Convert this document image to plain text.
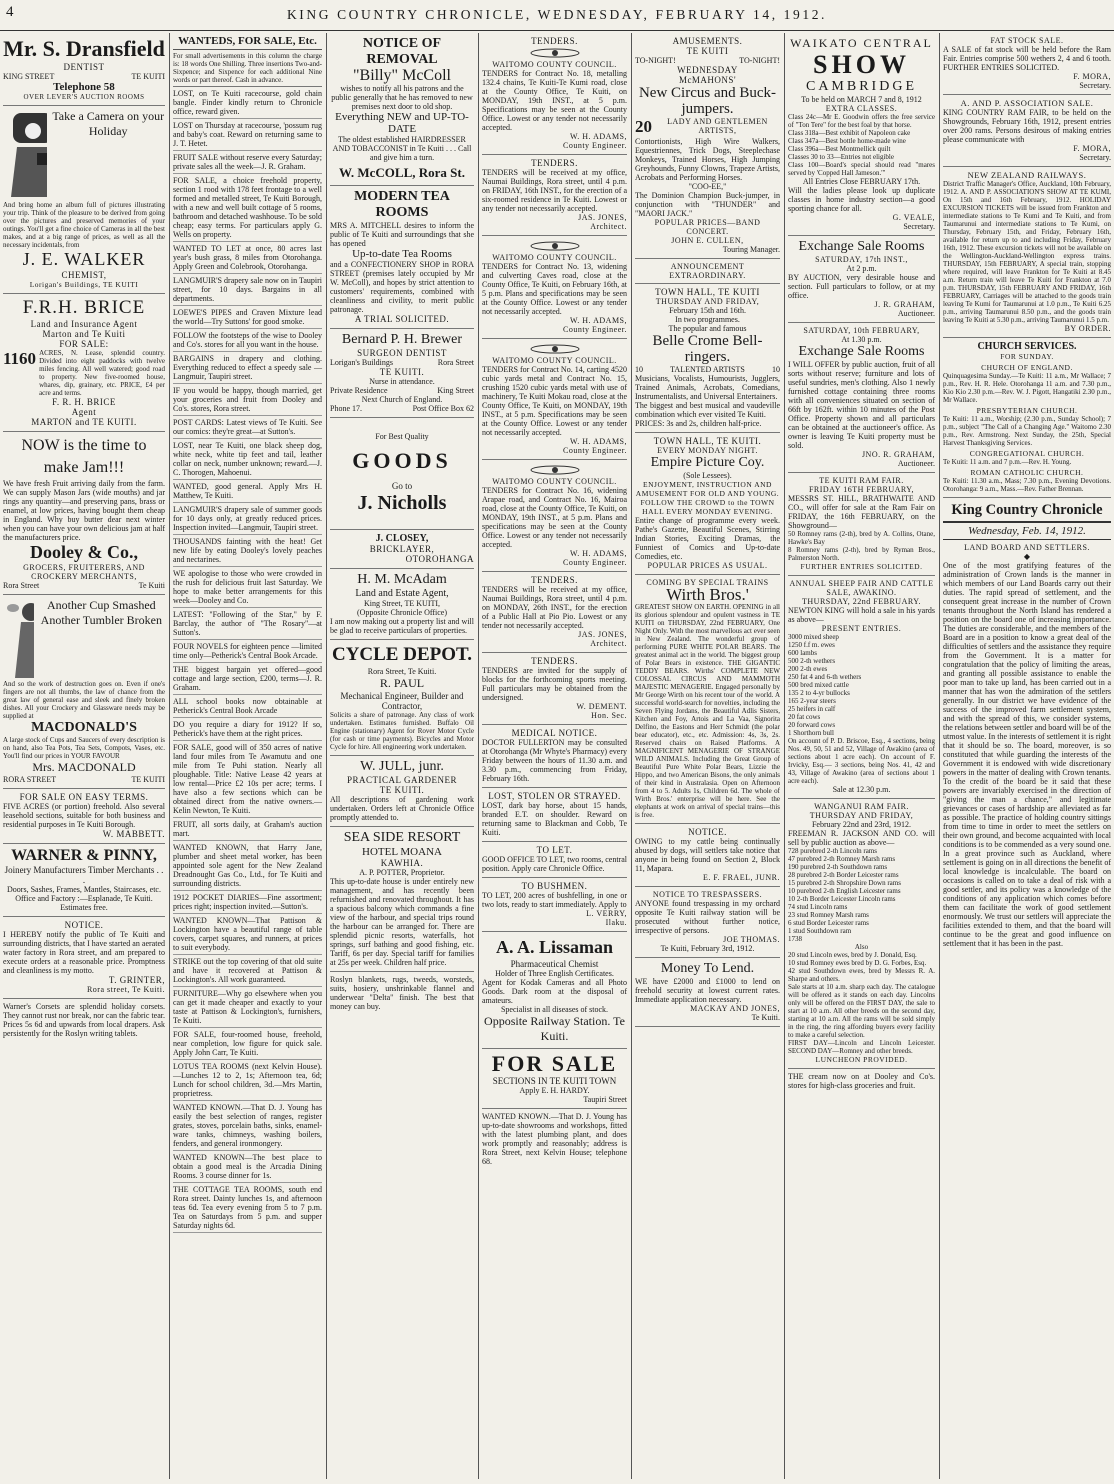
4	KING COUNTRY CHRONICLE, WEDNESDAY, FEBRUARY 14, 1912.
Mr. S. Dransfield
DENTIST
KING STREET	TE KUITI
Telephone 58
OVER LEVER'S AUCTION ROOMS
Take a Camera on your Holiday
And bring home an album full of pictures illustrating your trip. Think of the pleasure to be derived from going over the pictures and preserved memories of your outings. You'll get a fine choice of Cameras in all the best makes, and at a big range of prices, as well as all the necessary incidentals, from
J. E. WALKER
CHEMIST,
Lorigan's Buildings, TE KUITI
F.R.H. BRICE
Land and Insurance Agent
Marton and Te Kuiti
FOR SALE:
1160 ACRES, N. Lease, splendid country. Divided into eight paddocks with twelve miles fencing. All well watered; good road to property. New five-roomed house, whares, dip, grainary, etc. PRICE, £4 per acre and terms.
F. R. H. BRICE
Agent
MARTON and TE KUITI.
NOW is the time to make Jam!!!
We have fresh Fruit arriving daily from the farm. We can supply Mason Jars (wide mouths) and jar rings any quantity—and preserving pans, brass or enamel, at low prices, having bought them cheap in England. Why buy butter dear next winter when you can have your own delicious jam at half the manufacturers price.
Dooley & Co.,
GROCERS, FRUITERERS, AND CROCKERY MERCHANTS,
Rora Street	Te Kuiti
Another Cup Smashed Another Tumbler Broken
And so the work of destruction goes on. Even if one's fingers are not all thumbs, the law of chance from the great law of general ease and sleek and finely broken dishes. All your Crockery and Glassware needs may be supplied at
MACDONALD'S
A large stock of Cups and Saucers of every description is on hand, also Tea Pots, Tea Sets, Compots, Vases, etc. You'll find our prices in YOUR FAVOUR
Mrs. MACDONALD
RORA STREET	TE KUITI
FOR SALE ON EASY TERMS.
FIVE ACRES (or portion) freehold. Also several leasehold sections, suitable for both business and residential purposes in Te Kuiti Borough.
W. MABBETT.
WARNER & PINNY,
Joinery Manufacturers Timber Merchants . . .
Doors, Sashes, Frames, Mantles, Staircases, etc.
Office and Factory :—Esplanade, Te Kuiti.
Estimates free.
NOTICE.
I HEREBY notify the public of Te Kuiti and surrounding districts, that I have started an aerated water factory in Rora street, and am prepared to execute orders at a reasonable price. Promptness and cleanliness is my motto.
T. GRINTER,
Rora street, Te Kuiti.
Warner's Corsets are splendid holiday corsets. They cannot rust nor break, nor can the fabric tear. Prices 5s 6d and upwards from local drapers. Ask persistently for the Roslyn writing tablets.
WANTEDS, FOR SALE, Etc.
For small advertisements in this column the charge is: 18 words One Shilling. Three insertions Two-and-Sixpence; and Sixpence for each additional Nine words or part thereof. Cash in advance.
LOST, on Te Kuiti racecourse, gold chain bangle. Finder kindly return to Chronicle office, reward given.
LOST on Thursday at racecourse, 'possum rug and baby's coat. Reward on returning same to J. T. Hetet.
FRUIT SALE without reserve every Saturday; private sales all the week—J. R. Graham.
FOR SALE, a choice freehold property, section 1 rood with 178 feet frontage to a well formed and metalled street, Te Kuiti Borough, with a new and well built cottage of 5 rooms, bathroom and detached washhouse. To be sold cheap; easy terms. For particulars apply G. Wells on property.
WANTED TO LET at once, 80 acres last year's bush grass, 8 miles from Otorohanga. Apply Green and Colebrook, Otorohanga.
LANGMUIR'S drapery sale now on in Taupiri street, for 10 days. Bargains in all departments.
LOEWE'S PIPES and Craven Mixture lead the world—Try Suttons' for good smoke.
FOLLOW the footsteps of the wise to Dooley and Co's. stores for all you want in the house.
BARGAINS in drapery and clothing. Everything reduced to effect a speedy sale — Langmuir, Taupiri street.
IF you would be happy, though married, get your groceries and fruit from Dooley and Co's. stores, Rora street.
POST CARDS: Latest views of Te Kuiti. See our comics: they're great—at Sutton's.
LOST, near Te Kuiti, one black sheep dog, white neck, white tip feet and tail, leather collar on neck, number unknown; reward.—J. C. Thorogen, Mahoenui.
WANTED, good general. Apply Mrs H. Matthew, Te Kuiti.
LANGMUIR'S drapery sale of summer goods for 10 days only, at greatly reduced prices. Inspection invited—Langmuir, Taupiri street.
THOUSANDS fainting with the heat! Get new life by eating Dooley's lovely peaches and nectarines.
WE apologise to those who were crowded in the rush for delicious fruit last Saturday. We hope to make better arrangements for this week—Dooley and Co.
LATEST: "Following of the Star," by F. Barclay, the author of "The Rosary"—at Sutton's.
FOUR NOVELS for eighteen pence —limited time only—Petherick's Central Book Arcade.
THE biggest bargain yet offered—good cottage and large section, £200, terms—J. R. Graham.
ALL school books now obtainable at Petherick's Central Book Arcade
DO you require a diary for 1912? If so, Petherick's have them at the right prices.
FOR SALE, good will of 350 acres of native land four miles from Te Awamutu and one mile from Te Puhi station. Nearly all ploughable. Title: Native Lease 42 years at low rental—Price £2 10s per acre; terms. I have also a few sections which can be obtained direct from the native owners.—Kelin Newton, Te Kuiti.
FRUIT, all sorts daily, at Graham's auction mart.
WANTED KNOWN, that Harry Jane, plumber and sheet metal worker, has been appointed sole agent for the New Zealand Dreadnought Gas Co., Ltd., for Te Kuiti and surrounding districts.
1912 POCKET DIARIES—Fine assortment; prices right; inspection invited.—Sutton's.
WANTED KNOWN—That Pattison & Lockington have a beautiful range of table covers, carpet squares, and runners, at prices to suit everybody.
STRIKE out the top covering of that old suite and have it recovered at Pattison & Lockington's. All work guaranteed.
FURNITURE—Why go elsewhere when you can get it made cheaper and exactly to your taste at Pattison & Lockington's, furnishers, Te Kuiti.
FOR SALE, four-roomed house, freehold, near completion, low figure for quick sale. Apply John Carr, Te Kuiti.
LOTUS TEA ROOMS (next Kelvin House).—Lunches 12 to 2, 1s; Afternoon tea, 6d; Lunch for school children, 3d.—Mrs Martin, proprietress.
WANTED KNOWN.—That D. J. Young has easily the best selection of ranges, register grates, stoves, porcelain baths, sinks, enamel-ware tanks, chimneys, washing boilers, fenders, and general ironmongery.
WANTED KNOWN—The best place to obtain a good meal is the Arcadia Dining Rooms. 3 course dinner for 1s.
THE COTTAGE TEA ROOMS, south end Rora street. Dainty lunches 1s, and afternoon teas 6d. Tea every evening from 5 to 7 p.m. Tea on Saturdays from 5 p.m. and supper Saturday nights 6d.
NOTICE OF REMOVAL
"Billy" McColl
wishes to notify all his patrons and the public generally that he has removed to new premises next door to old shop.
Everything NEW and UP-TO-DATE
The oldest established HAIRDRESSER AND TOBACCONIST in Te Kuiti . . . Call and give him a turn.
W. McCOLL, Rora St.
MODERN TEA ROOMS
MRS A. MITCHELL desires to inform the public of Te Kuiti and surroundings that she has opened
Up-to-date Tea Rooms
and a CONFECTIONERY SHOP in RORA STREET (premises lately occupied by Mr W. McColl), and hopes by strict attention to customers' requirements, combined with cleanliness and civility, to merit public patronage.
A TRIAL SOLICITED.
Bernard P. H. Brewer
SURGEON DENTIST
Lorigan's Buildings	Rora Street
TE KUITI.
Nurse in attendance.
Private Residence	King Street
Next Church of England.
Phone 17.	Post Office Box 62
For Best Quality
GOODS
Go to
J. Nicholls
J. CLOSEY,
BRICKLAYER,
OTOROHANGA
H. M. McAdam
Land and Estate Agent,
King Street, TE KUITI,
(Opposite Chronicle Office)
I am now making out a property list and will be glad to receive particulars of properties.
CYCLE DEPOT.
Rora Street, Te Kuiti.
R. PAUL
Mechanical Engineer, Builder and Contractor,
Solicits a share of patronage. Any class of work undertaken. Estimates furnished. Buffalo Oil Engine (stationary) Agent for Rover Motor Cycle (for cash or time payments). Bicycles and Motor Cycle for hire. All engineering work undertaken.
W. JULL, junr.
PRACTICAL GARDENER
TE KUITI.
All descriptions of gardening work undertaken. Orders left at Chronicle Office promptly attended to.
SEA SIDE RESORT
HOTEL MOANA
KAWHIA.
A. P. POTTER, Proprietor.
This up-to-date house is under entirely new management, and has recently been refurnished and renovated throughout. It has a spacious balcony which commands a fine view of the harbour, and special trips round the harbour can be arranged for. There are splendid picnic resorts, waterfalls, hot springs, surf bathing and good fishing, etc. Tariff, 6s per day. Special tariff for families at 25s per week. Children half price.
Roslyn blankets, rugs, tweeds, worsteds, suits, hosiery, unshrinkable flannel and underwear "Delta" finish. The best that money can buy.
TENDERS.
WAITOMO COUNTY COUNCIL.
TENDERS for Contract No. 18, metalling 132.4 chains, Te Kuiti-Te Kumi road, close at the County Office, Te Kuiti, on MONDAY, 19th INST., at 5 p.m. Specifications may be seen at the County Office. Lowest or any tender not necessarily accepted.
W. H. ADAMS,
County Engineer.
TENDERS.
TENDERS will be received at my office, Naumai Buildings, Rora street, until 4 p.m. on FRIDAY, 16th INST., for the erection of a six-roomed residence in Te Kuiti. Lowest or any tender not necessarily accepted.
JAS. JONES,
Architect.
WAITOMO COUNTY COUNCIL.
TENDERS for Contract No. 13, widening and culverting Caves road, close at the County Office, Te Kuiti, on February 16th, at 5 p.m. Plans and specifications may be seen at the County Office. Lowest or any tender not necessarily accepted.
W. H. ADAMS,
County Engineer.
WAITOMO COUNTY COUNCIL.
TENDERS for Contract No. 14, carting 4520 cubic yards metal and Contract No. 15, crushing 1520 cubic yards metal with use of machinery, Te Kuiti Mokau road, close at the County Office, Te Kuiti, on MONDAY, 19th INST., at 5 p.m. Specifications may be seen at the County Office. Lowest or any tender not necessarily accepted.
W. H. ADAMS,
County Engineer.
WAITOMO COUNTY COUNCIL.
TENDERS for Contract No. 16, widening Arapae road, and Contract No. 16, Mairoa road, close at the County Office, Te Kuiti, on MONDAY, 19th INST., at 5 p.m. Plans and specifications may be seen at the County Office. Lowest or any tender not necessarily accepted.
W. H. ADAMS,
County Engineer.
TENDERS.
TENDERS will be received at my office, Naumai Buildings, Rora street, until 4 p.m. on MONDAY, 26th INST., for the erection of a Public Hall at Pio Pio. Lowest or any tender not necessarily accepted.
JAS. JONES,
Architect.
TENDERS.
TENDERS are invited for the supply of blocks for the forthcoming sports meeting. Full particulars may be obtained from the undersigned.
W. DEMENT.
Hon. Sec.
MEDICAL NOTICE.
DOCTOR FULLERTON may be consulted at Otorohanga (Mr Whyte's Pharmacy) every Friday between the hours of 11.30 a.m. and 3.30 p.m., commencing from Friday, February 16th.
LOST, STOLEN OR STRAYED.
LOST, dark bay horse, about 15 hands, branded E.T. on shoulder. Reward on returning same to Blackman and Cobb, Te Kuiti.
TO LET.
GOOD OFFICE TO LET, two rooms, central position. Apply care Chronicle Office.
TO BUSHMEN.
TO LET, 200 acres of bushfelling, in one or two lots, ready to start immediately. Apply to
L. VERRY,
Ilaku.
A. A. Lissaman
Pharmaceutical Chemist
Holder of Three English Certificates.
Agent for Kodak Cameras and all Photo Goods. Dark room at the disposal of amateurs.
Specialist in all diseases of stock.
Opposite Railway Station. Te Kuiti.
FOR SALE
SECTIONS IN TE KUITI TOWN
Apply E. H. HARDY.
Taupiri Street
WANTED KNOWN.—That D. J. Young has up-to-date showrooms and workshops, fitted with the latest plumbing plant, and does work promptly and reasonably; address is Rora Street, next Kelvin House; telephone 68.
AMUSEMENTS.
TE KUITI
TO-NIGHT!	TO-NIGHT!
WEDNESDAY
McMAHONS'
New Circus and Buck-jumpers.
20	LADY AND GENTLEMEN ARTISTS,
Contortionists, High Wire Walkers, Equestriennes, Trick Dogs, Steeplechase Monkeys, Trained Horses, High Jumping Greyhounds, Funny Clowns, Trapeze Artists, Acrobats and Performing Horses.
"COO-EE,"
The Dominion Champion Buck-jumper, in conjunction with "THUNDER" and "MAORI JACK."
POPULAR PRICES—BAND CONCERT.
JOHN E. CULLEN,
Touring Manager.
ANNOUNCEMENT EXTRAORDINARY.
TOWN HALL, TE KUITI
THURSDAY AND FRIDAY,
February 15th and 16th.
In two programmes.
The popular and famous
Belle Crome Bell-ringers.
10	TALENTED ARTISTS	10
Musicians, Vocalists, Humourists, Jugglers, Trained Animals, Acrobats, Comedians, Instrumentalists, and Universal Entertainers.
The biggest and best musical and vaudeville combination which ever visited Te Kuiti.
PRICES: 3s and 2s, children half-price.
TOWN HALL, TE KUITI.
EVERY MONDAY NIGHT.
Empire Picture Coy.
(Sole Lessees).
ENJOYMENT, INSTRUCTION AND AMUSEMENT FOR OLD AND YOUNG.
FOLLOW THE CROWD to the TOWN HALL EVERY MONDAY EVENING.
Entire change of programme every week. Pathe's Gazette, Beautiful Scenes, Stirring Indian Stories, Exciting Dramas, the Funniest of Comics and Up-to-date Comedies, etc.
POPULAR PRICES AS USUAL.
COMING BY SPECIAL TRAINS
Wirth Bros.'
GREATEST SHOW ON EARTH. OPENING in all its glorious splendour and opulent vastness in TE KUITI on THURSDAY, 22nd FEBRUARY, One Night Only. With the most marvellous act ever seen in New Zealand. The wonderful group of performing PURE WHITE POLAR BEARS. The greatest animal act in the world. The biggest group of Polar Bears in existence. THE GIGANTIC TEDDY BEARS. Wirths' COMPLETE NEW COLOSSAL CIRCUS AND MAMMOTH MAJESTIC MENAGERIE. Engaged personally by Mr George Wirth on his recent tour of the world. A successful world-search for novelties, including the Seven Flying Jordans, the Beautiful Adlis Sisters, Kitchen and Foy, Artois and La Vaa, Signorita Delfino, the Eastons and Herr Schmidt (the polar bear educator), etc., etc. Admission: 4s, 3s, 2s. Reserved chairs on Raised Platforms. A MAGNIFICENT MENAGERIE OF STRANGE WILD ANIMALS. Including the Great Group of Beautiful Pure White Polar Bears, Lizzie the Hippo, and two American Bisons, the only animals of their kind in Australasia. Open on Afternoon from 4 to 5. Adults 1s, Children 6d. The whole of Wirth Bros.' enterprise will be here. See the elephants at work on arrival of special trains—this is free.
NOTICE.
OWING to my cattle being continually abused by dogs, will settlers take notice that anyone in being found on Section 2, Block 11, Mapara.
E. F. FRAEL, JUNR.
NOTICE TO TRESPASSERS.
ANYONE found trespassing in my orchard opposite Te Kuiti railway station will be prosecuted without further notice, irrespective of persons.
JOE THOMAS.
Te Kuiti, February 3rd, 1912.
Money To Lend.
WE have £2000 and £1000 to lend on freehold security at lowest current rates. Immediate application necessary.
MACKAY AND JONES,
Te Kuiti.
WAIKATO CENTRAL
SHOW
CAMBRIDGE
To be held on MARCH 7 and 8, 1912
EXTRA CLASSES.
Class 24c—Mr E. Goodwin offers the free service of "Ton Tere" for the best foal by that horse.
Class 318a—Best exhibit of Napoleon cake
Class 347a—Best bottle home-made wine
Class 396a—Best Montmellick quilt
Classes 30 to 33—Entries not eligible
Class 100—Board's special should read "mares served by 'Copped Hall Jameson.'"
All Entries Close FEBRUARY 17th.
Will the ladies please look up duplicate classes in home industry section—a good sporting chance for all.
G. VEALE,
Secretary.
Exchange Sale Rooms
SATURDAY, 17th INST.,
At 2 p.m.
BY AUCTION, very desirable house and section. Full particulars to follow, or at my office.
J. R. GRAHAM,
Auctioneer.
SATURDAY, 10th FEBRUARY,
At 1.30 p.m.
Exchange Sale Rooms
I WILL OFFER by public auction, fruit of all sorts without reserve; furniture and lots of useful sundries, men's clothing. Also 1 newly furnished cottage containing three rooms with all conveniences situated on section of 66ft by 162ft. within 10 minutes of the Post Office. Property shown and all particulars can be obtained at the auctioneer's office. As owner is leaving Te Kuiti property must be sold.
JNO. R. GRAHAM,
Auctioneer.
TE KUITI RAM FAIR.
FRIDAY 16TH FEBRUARY,
MESSRS ST. HILL, BRATHWAITE AND CO., will offer for sale at the Ram Fair on FRIDAY, the 16th FEBRUARY, on the Showground—
50 Romney rams (2-th), bred by A. Collins, Otane, Hawke's Bay
8 Romney rams (2-th), bred by Ryman Bros., Palmerston North.
FURTHER ENTRIES SOLICITED.
ANNUAL SHEEP FAIR AND CATTLE SALE, AWAKINO.
THURSDAY, 22nd FEBRUARY.
NEWTON KING will hold a sale in his yards as above—
PRESENT ENTRIES.
3000 mixed sheep
1250 f.f m. ewes
600 lambs
500 2-th wethers
200 2-th ewes
250 fat 4 and 6-th wethers
500 bred mixed cattle
135 2 to 4-yr bullocks
165 2-year steers
25 heifers in calf
20 fat cows
20 forward cows
1 Shorthorn bull
On account of P. D. Briscoe, Esq., 4 sections, being Nos. 49, 50, 51 and 52, Village of Awakino (area of sections about 1 acre each). On account of F. Irvicky, Esq.— 3 sections, being Nos. 41, 42 and 43, Village of Awakino (area of sections about 1 acre each).
Sale at 12.30 p.m.
WANGANUI RAM FAIR.
THURSDAY AND FRIDAY,
February 22nd and 23rd, 1912.
FREEMAN R. JACKSON AND CO. will sell by public auction as above—
728 purebred 2-th Lincoln rams
47 purebred 2-th Romney Marsh rams
190 purebred 2-th Southdown rams
28 purebred 2-th Border Leicester rams
15 purebred 2-th Shropshire Down rams
10 purebred 2-th English Leicester rams
10 2-th Border Leicester Lincoln rams
74 stud Lincoln rams
23 stud Romney Marsh rams
6 stud Border Leicester rams
1 stud Southdown ram
1738
Also
20 stud Lincoln ewes, bred by J. Donald, Esq.
10 stud Romney ewes bred by D. G. Forbes, Esq.
42 stud Southdown ewes, bred by Messrs R. A. Sharpe and others.
Sale starts at 10 a.m. sharp each day. The catalogue will be offered as it stands on each day. Lincolns only will be offered on the FIRST DAY, the sale to start at 10 a.m. All other breeds on the second day, starting at 10 a.m. All the rams will be sold simply in the ring, the ring affording buyers every facility to make a careful selection.
FIRST DAY—Lincoln and Lincoln Leicester. SECOND DAY—Romney and other breeds.
LUNCHEON PROVIDED.
THE cream now on at Dooley and Co's. stores for high-class groceries and fruit.
FAT STOCK SALE.
A SALE of fat stock will be held before the Ram Fair. Entries comprise 500 wethers 2, 4 and 6 tooth. FURTHER ENTRIES SOLICITED.
F. MORA,
Secretary.
A. AND P. ASSOCIATION SALE.
KING COUNTRY RAM FAIR, to be held on the Showgrounds, February 16th, 1912, present entries over 200 rams. Persons desirous of making entries please communicate with
F. MORA,
Secretary.
NEW ZEALAND RAILWAYS.
District Traffic Manager's Office, Auckland, 10th February, 1912. A. AND P. ASSOCIATION'S SHOW AT TE KUMI, On 15th and 16th February, 1912. HOLIDAY EXCURSION TICKETS will be issued from Frankton and intermediate stations to Te Kumi and Te Kuiti, and from Taumarunui and intermediate stations to Te Kumi, on Thursday, February 15th, and Friday, February 16th, available for return up to and including Friday, February 16th, 1912. These excursion tickets will not be available on the Wellington-Auckland-Wellington express trains. THURSDAY, 15th FEBRUARY, A special train, stopping where required, will leave Frankton for Te Kuiti at 8.45 a.m. Return train will leave Te Kuiti for Frankton at 7.0 p.m. THURSDAY, 15th FEBRUARY AND FRIDAY, 16th FEBRUARY, Carriages will be attached to the goods train leaving Te Kumi for Taumarunui at 1.0 p.m., Te Kuiti 6.25 p.m., arriving Taumarunui 8.50 p.m., and the goods train leaving Te Kuiti at 5.30 p.m., arriving Taumarunui 1.5 p.m.
BY ORDER.
CHURCH SERVICES.
FOR SUNDAY.
CHURCH OF ENGLAND.
Quinquagesima Sunday.—Te Kuiti: 11 a.m., Mr Wallace; 7 p.m., Rev. H. R. Hele. Otorohanga 11 a.m. and 7.30 p.m., Kio Kio 2.30 p.m.—Rev. W. J. Pigott, Hangatiki 2.30 p.m., Mr Wallace.
PRESBYTERIAN CHURCH.
Te Kuiti: 11 a.m., Worship; (2.30 p.m., Sunday School); 7 p.m., subject "The Call of a Changing Age." Waitomo 2.30 p.m., Rev. Armstrong. Next Sunday, the 25th, Special Harvest Thanksgiving Services.
CONGREGATIONAL CHURCH.
Te Kuiti: 11 a.m. and 7 p.m.—Rev. H. Young.
ROMAN CATHOLIC CHURCH.
Te Kuiti: 11.30 a.m., Mass; 7.30 p.m., Evening Devotions. Otorohanga: 9 a.m., Mass.—Rev. Father Brennan.
King Country Chronicle
Wednesday, Feb. 14, 1912.
LAND BOARD AND SETTLERS.
◆
One of the most gratifying features of the administration of Crown lands is the manner in which members of our Land Boards carry out their duties. The rapid spread of settlement, and the consequent great increase in the number of Crown tenants throughout the North Island has rendered a position on the board one of increasing importance. The duties are considerable, and the members of the Board are in a position to know a great deal of the difficulties of settlers and the assistance they require from the Government. It is a matter for congratulation that the policy of limiting the areas, and granting all possible assistance to enable the poor man to take up land, has been carried out in a manner that has won the admiration of the settlers generally. In our district we have evidence of the success of the improved farm settlement system, and with the spread of this, we consider systems, the relations between settler and board will be of the utmost value. In the interests of settlement it is right that it should be so. The board, moreover, is so constituted that while guarding the interests of the Government it is endowed with wide discretionary powers in the matter of dealing with Crown tenants. To the credit of the board be it said that these powers are invariably exercised in the direction of "giving the man a chance," and legitimate grievances or cases of hardship are alleviated as far as possible. The practice of holding country sittings from time to time in order to meet the settlers on their own ground, and become acquainted with local conditions is to be commended as a very sound one. In a great province such as Auckland, where settlement is going on in all directions the benefit of local knowledge is incalculable. The board on occasions is called on to take a deal of risk with a good settler, and its policy was a knowledge of the conditions of any application which comes before them can facilitate the work of good settlement enormously. We trust our settlers will appreciate the facilities extended to them, and that the board will continue to be the great and good influence on settlement that it has been in the past.
